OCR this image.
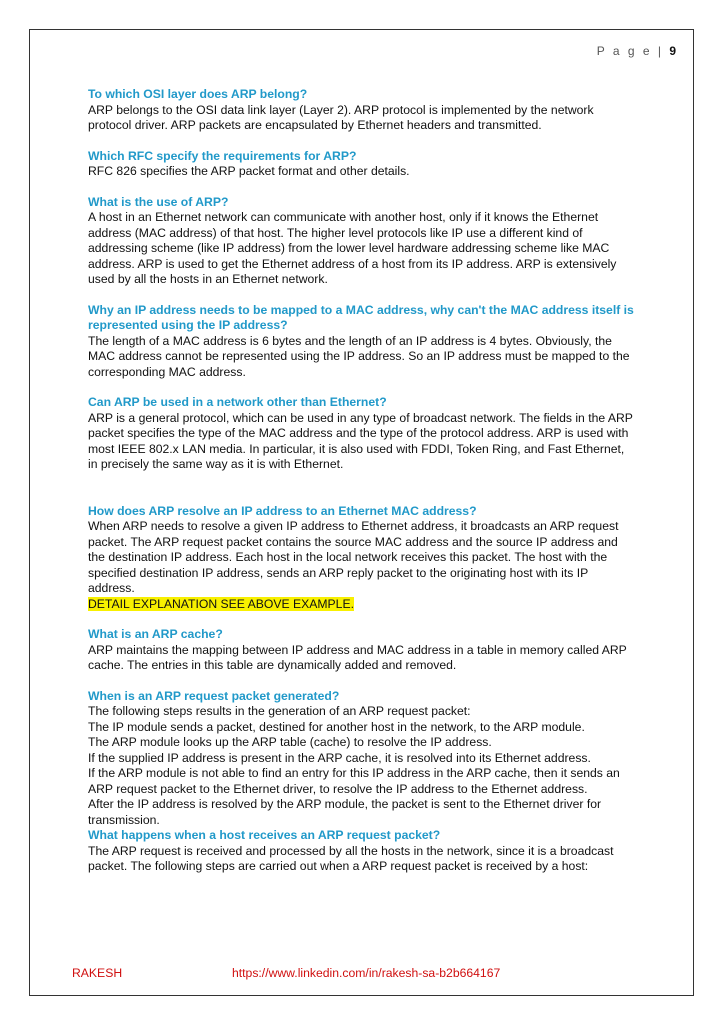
P a g e | 9

To which OSI layer does ARP belong?

ARP belongs to the OSI data link layer (Layer 2). ARP protocol is implemented by the network protocol driver. ARP packets are encapsulated by Ethernet headers and transmitted.

Which RFC specify the requirements for ARP?

RFC 826 specifies the ARP packet format and other details.

What is the use of ARP?

A host in an Ethernet network can communicate with another host, only if it knows the Ethernet address (MAC address) of that host. The higher level protocols like IP use a different kind of addressing scheme (like IP address) from the lower level hardware addressing scheme like MAC address. ARP is used to get the Ethernet address of a host from its IP address. ARP is extensively used by all the hosts in an Ethernet network.

Why an IP address needs to be mapped to a MAC address, why can't the MAC address itself is represented using the IP address?

The length of a MAC address is 6 bytes and the length of an IP address is 4 bytes. Obviously, the MAC address cannot be represented using the IP address. So an IP address must be mapped to the corresponding MAC address.

Can ARP be used in a network other than Ethernet?

ARP is a general protocol, which can be used in any type of broadcast network. The fields in the ARP packet specifies the type of the MAC address and the type of the protocol address. ARP is used with most IEEE 802.x LAN media. In particular, it is also used with FDDI, Token Ring, and Fast Ethernet, in precisely the same way as it is with Ethernet.

How does ARP resolve an IP address to an Ethernet MAC address?

When ARP needs to resolve a given IP address to Ethernet address, it broadcasts an ARP request packet. The ARP request packet contains the source MAC address and the source IP address and the destination IP address. Each host in the local network receives this packet. The host with the specified destination IP address, sends an ARP reply packet to the originating host with its IP address.

DETAIL EXPLANATION SEE ABOVE EXAMPLE.

What is an ARP cache?

ARP maintains the mapping between IP address and MAC address in a table in memory called ARP cache. The entries in this table are dynamically added and removed.

When is an ARP request packet generated?

The following steps results in the generation of an ARP request packet:

The IP module sends a packet, destined for another host in the network, to the ARP module.

The ARP module looks up the ARP table (cache) to resolve the IP address.

If the supplied IP address is present in the ARP cache, it is resolved into its Ethernet address.

If the ARP module is not able to find an entry for this IP address in the ARP cache, then it sends an ARP request packet to the Ethernet driver, to resolve the IP address to the Ethernet address.

After the IP address is resolved by the ARP module, the packet is sent to the Ethernet driver for transmission.

What happens when a host receives an ARP request packet?

The ARP request is received and processed by all the hosts in the network, since it is a broadcast packet. The following steps are carried out when a ARP request packet is received by a host:

RAKESH	https://www.linkedin.com/in/rakesh-sa-b2b664167
